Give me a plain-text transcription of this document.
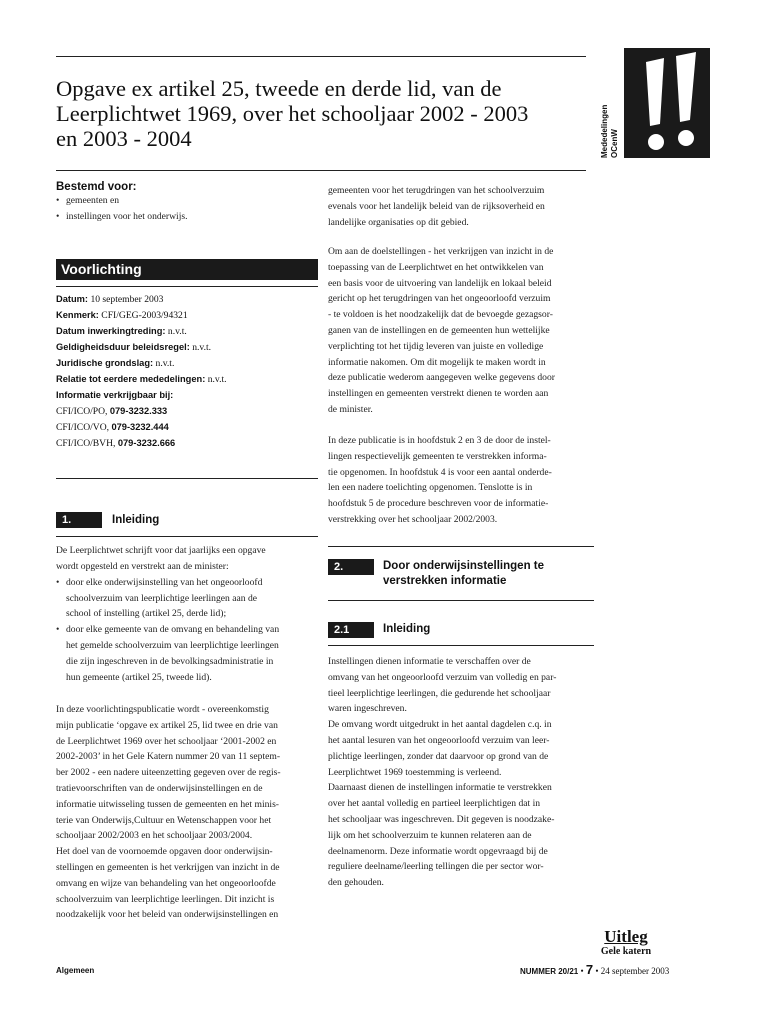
Opgave ex artikel 25, tweede en derde lid, van de
Leerplichtwet 1969, over het schooljaar 2002 - 2003
en 2003 - 2004	Mededelingen OCenW
Bestemd voor:
• gemeenten en
• instellingen voor het onderwijs.
Voorlichting
Datum: 10 september 2003
Kenmerk: CFI/GEG-2003/94321
Datum inwerkingtreding: n.v.t.
Geldigheidsduur beleidsregel: n.v.t.
Juridische grondslag: n.v.t.
Relatie tot eerdere mededelingen: n.v.t.
Informatie verkrijgbaar bij:
CFI/ICO/PO, 079-3232.333
CFI/ICO/VO, 079-3232.444
CFI/ICO/BVH, 079-3232.666
1.	Inleiding

De Leerplichtwet schrijft voor dat jaarlijks een opgave

wordt opgesteld en verstrekt aan de minister:

• door elke onderwijsinstelling van het ongeoorloofd

schoolverzuim van leerplichtige leerlingen aan de

school of instelling (artikel 25, derde lid);

• door elke gemeente van de omvang en behandeling van

het gemelde schoolverzuim van leerplichtige leerlingen

die zijn ingeschreven in de bevolkingsadministratie in

hun gemeente (artikel 25, tweede lid).

In deze voorlichtingspublicatie wordt - overeenkomstig

mijn publicatie ‘opgave ex artikel 25, lid twee en drie van

de Leerplichtwet 1969 over het schooljaar ‘2001-2002 en

2002-2003’ in het Gele Katern nummer 20 van 11 septem-

ber 2002 - een nadere uiteenzetting gegeven over de regis-

tratievoorschriften van de onderwijsinstellingen en de

informatie uitwisseling tussen de gemeenten en het minis-

terie van Onderwijs,Cultuur en Wetenschappen voor het

schooljaar 2002/2003 en het schooljaar 2003/2004.

Het doel van de voornoemde opgaven door onderwijsin-

stellingen en gemeenten is het verkrijgen van inzicht in de

omvang en wijze van behandeling van het ongeoorloofde

schoolverzuim van leerplichtige leerlingen. Dit inzicht is

noodzakelijk voor het beleid van onderwijsinstellingen en

gemeenten voor het terugdringen van het schoolverzuim

evenals voor het landelijk beleid van de rijksoverheid en

landelijke organisaties op dit gebied.

Om aan de doelstellingen - het verkrijgen van inzicht in de

toepassing van de Leerplichtwet en het ontwikkelen van

een basis voor de uitvoering van landelijk en lokaal beleid

gericht op het terugdringen van het ongeoorloofd verzuim

- te voldoen is het noodzakelijk dat de bevoegde gezagsor-

ganen van de instellingen en de gemeenten hun wettelijke

verplichting tot het tijdig leveren van juiste en volledige

informatie nakomen. Om dit mogelijk te maken wordt in

deze publicatie wederom aangegeven welke gegevens door

instellingen en gemeenten verstrekt dienen te worden aan

de minister.

In deze publicatie is in hoofdstuk 2 en 3 de door de instel-

lingen respectievelijk gemeenten te verstrekken informa-

tie opgenomen. In hoofdstuk 4 is voor een aantal onderde-

len een nadere toelichting opgenomen. Tenslotte is in

hoofdstuk 5 de procedure beschreven voor de informatie-

verstrekking over het schooljaar 2002/2003.

2.	Door onderwijsinstellingen te
verstrekken informatie
2.1	Inleiding

Instellingen dienen informatie te verschaffen over de

omvang van het ongeoorloofd verzuim van volledig en par-

tieel leerplichtige leerlingen, die gedurende het schooljaar

waren ingeschreven.

De omvang wordt uitgedrukt in het aantal dagdelen c.q. in

het aantal lesuren van het ongeoorloofd verzuim van leer-

plichtige leerlingen, zonder dat daarvoor op grond van de

Leerplichtwet 1969 toestemming is verleend.

Daarnaast dienen de instellingen informatie te verstrekken

over het aantal volledig en partieel leerplichtigen dat in

het schooljaar was ingeschreven. Dit gegeven is noodzake-

lijk om het schoolverzuim te kunnen relateren aan de

deelnamenorm. Deze informatie wordt opgevraagd bij de

reguliere deelname/leerling tellingen die per sector wor-

den gehouden.

Uitleg
Gele katern
Algemeen	NUMMER 20/21 • 7 • 24 september 2003
